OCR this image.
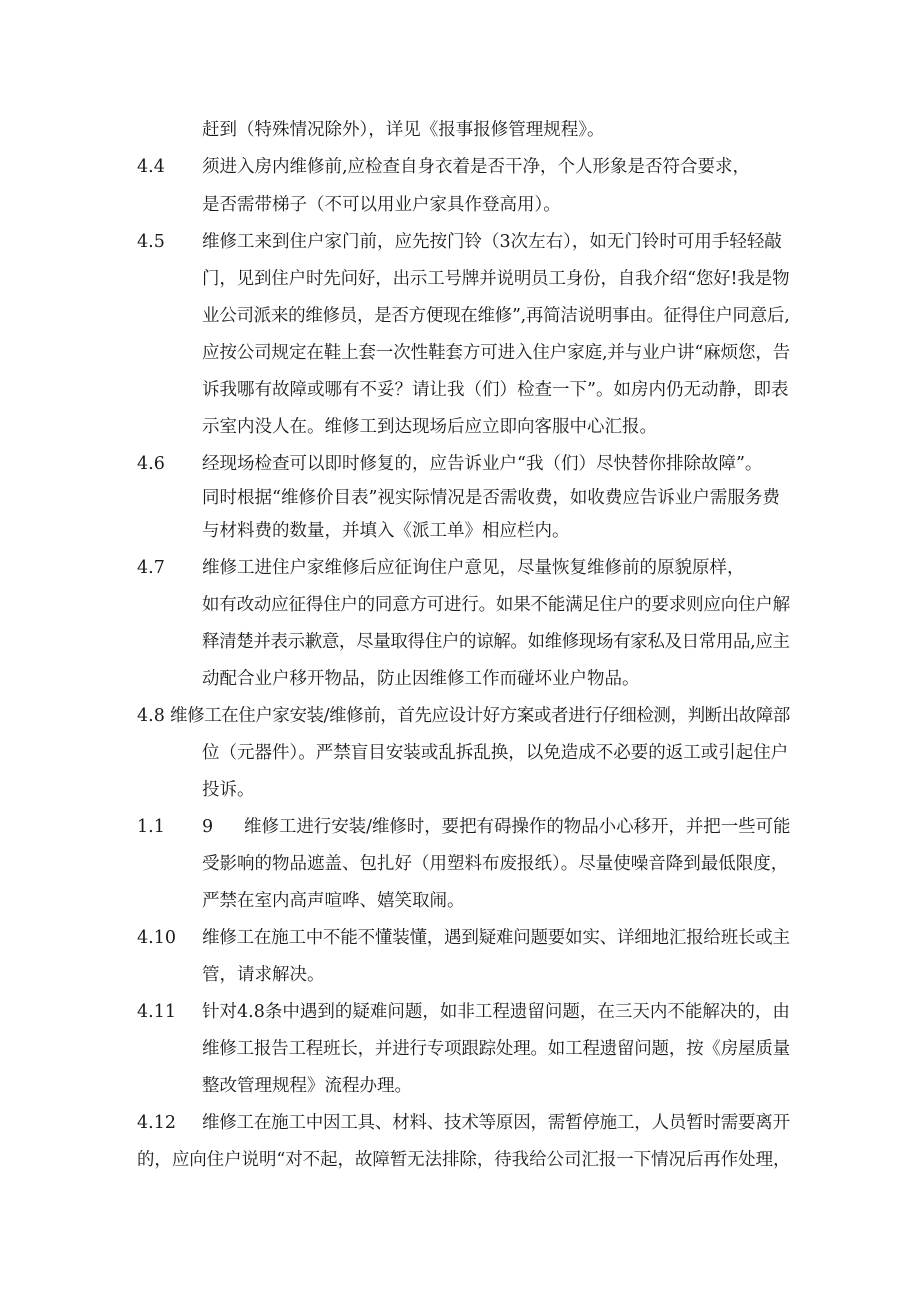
赶到（特殊情况除外），详见《报事报修管理规程》。
4.4 须进入房内维修前,应检查自身衣着是否干净，个人形象是否符合要求，
是否需带梯子（不可以用业户家具作登高用）。
4.5 维修工来到住户家门前，应先按门铃（3次左右），如无门铃时可用手轻轻敲
门，见到住户时先问好，出示工号牌并说明员工身份，自我介绍“您好!我是物
业公司派来的维修员，是否方便现在维修”,再简洁说明事由。征得住户同意后,
应按公司规定在鞋上套一次性鞋套方可进入住户家庭,并与业户讲“麻烦您，告
诉我哪有故障或哪有不妥？请让我（们）检查一下”。如房内仍无动静，即表
示室内没人在。维修工到达现场后应立即向客服中心汇报。
4.6 经现场检查可以即时修复的，应告诉业户“我（们）尽快替你排除故障”。
同时根据“维修价目表”视实际情况是否需收费，如收费应告诉业户需服务费
与材料费的数量，并填入《派工单》相应栏内。
4.7 维修工进住户家维修后应征询住户意见，尽量恢复维修前的原貌原样，
如有改动应征得住户的同意方可进行。如果不能满足住户的要求则应向住户解
释清楚并表示歉意，尽量取得住户的谅解。如维修现场有家私及日常用品,应主
动配合业户移开物品，防止因维修工作而碰坏业户物品。
4.8 维修工在住户家安装/维修前，首先应设计好方案或者进行仔细检测，判断出故障部
位（元器件）。严禁盲目安装或乱拆乱换，以免造成不必要的返工或引起住户
投诉。
1.1 9 维修工进行安装/维修时，要把有碍操作的物品小心移开，并把一些可能
受影响的物品遮盖、包扎好（用塑料布废报纸）。尽量使噪音降到最低限度，
严禁在室内高声喧哗、嬉笑取闹。
4.10 维修工在施工中不能不懂装懂，遇到疑难问题要如实、详细地汇报给班长或主
管，请求解决。
4.11 针对4.8条中遇到的疑难问题，如非工程遗留问题，在三天内不能解决的，由
维修工报告工程班长，并进行专项跟踪处理。如工程遗留问题，按《房屋质量
整改管理规程》流程办理。
4.12 维修工在施工中因工具、材料、技术等原因，需暂停施工，人员暂时需要离开
的，应向住户说明“对不起，故障暂无法排除，待我给公司汇报一下情况后再作处理，
